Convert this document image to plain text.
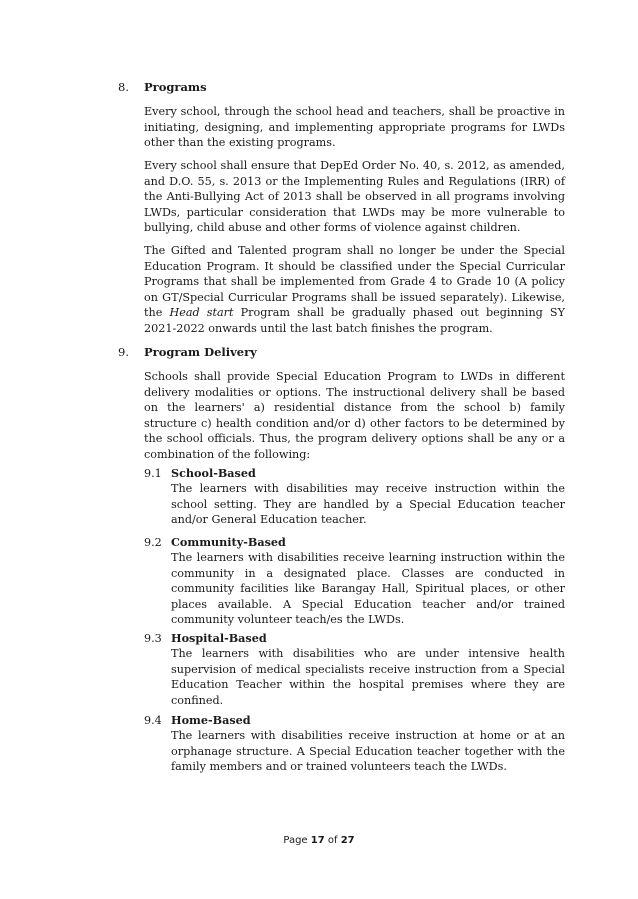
8. Programs

Every school, through the school head and teachers, shall be proactive in initiating, designing, and implementing appropriate programs for LWDs other than the existing programs.

Every school shall ensure that DepEd Order No. 40, s. 2012, as amended, and D.O. 55, s. 2013 or the Implementing Rules and Regulations (IRR) of the Anti-Bullying Act of 2013 shall be observed in all programs involving LWDs, particular consideration that LWDs may be more vulnerable to bullying, child abuse and other forms of violence against children.

The Gifted and Talented program shall no longer be under the Special Education Program. It should be classified under the Special Curricular Programs that shall be implemented from Grade 4 to Grade 10 (A policy on GT/Special Curricular Programs shall be issued separately). Likewise, the Head start Program shall be gradually phased out beginning SY 2021-2022 onwards until the last batch finishes the program.

9. Program Delivery

Schools shall provide Special Education Program to LWDs in different delivery modalities or options. The instructional delivery shall be based on the learners' a) residential distance from the school b) family structure c) health condition and/or d) other factors to be determined by the school officials. Thus, the program delivery options shall be any or a combination of the following:

9.1 School-Based

The learners with disabilities may receive instruction within the school setting. They are handled by a Special Education teacher and/or General Education teacher.

9.2 Community-Based

The learners with disabilities receive learning instruction within the community in a designated place. Classes are conducted in community facilities like Barangay Hall, Spiritual places, or other places available. A Special Education teacher and/or trained community volunteer teach/es the LWDs.

9.3 Hospital-Based

The learners with disabilities who are under intensive health supervision of medical specialists receive instruction from a Special Education Teacher within the hospital premises where they are confined.

9.4 Home-Based

The learners with disabilities receive instruction at home or at an orphanage structure. A Special Education teacher together with the family members and or trained volunteers teach the LWDs.

Page 17 of 27
